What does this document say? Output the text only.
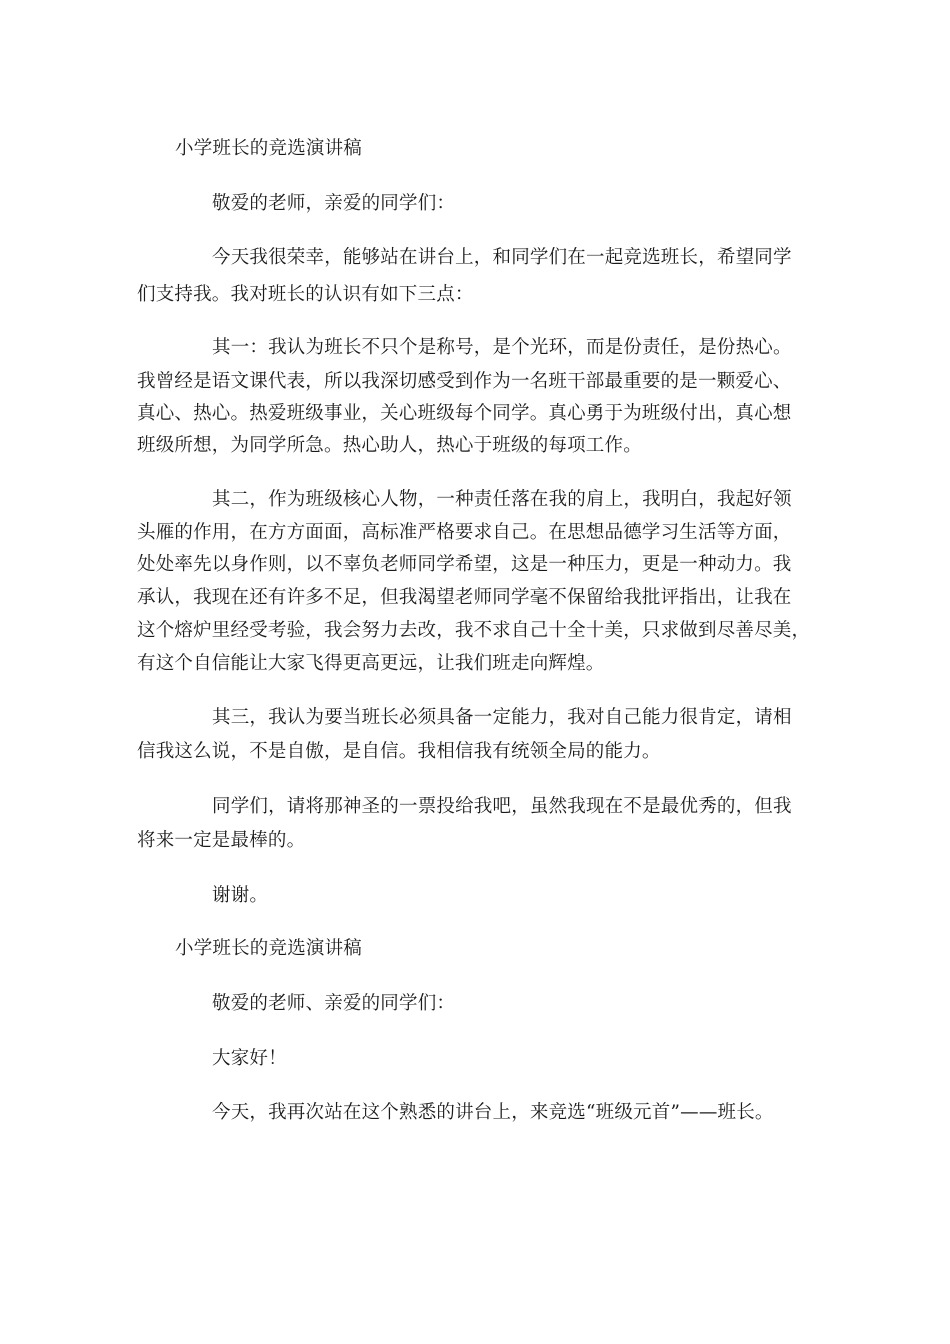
小学班长的竞选演讲稿
敬爱的老师，亲爱的同学们：
今天我很荣幸，能够站在讲台上，和同学们在一起竞选班长，希望同学
们支持我。我对班长的认识有如下三点：
其一：我认为班长不只个是称号，是个光环，而是份责任，是份热心。
我曾经是语文课代表，所以我深切感受到作为一名班干部最重要的是一颗爱心、
真心、热心。热爱班级事业，关心班级每个同学。真心勇于为班级付出，真心想
班级所想，为同学所急。热心助人，热心于班级的每项工作。
其二，作为班级核心人物，一种责任落在我的肩上，我明白，我起好领
头雁的作用，在方方面面，高标准严格要求自己。在思想品德学习生活等方面，
处处率先以身作则，以不辜负老师同学希望，这是一种压力，更是一种动力。我
承认，我现在还有许多不足，但我渴望老师同学毫不保留给我批评指出，让我在
这个熔炉里经受考验，我会努力去改，我不求自己十全十美，只求做到尽善尽美，
有这个自信能让大家飞得更高更远，让我们班走向辉煌。
其三，我认为要当班长必须具备一定能力，我对自己能力很肯定，请相
信我这么说，不是自傲，是自信。我相信我有统领全局的能力。
同学们，请将那神圣的一票投给我吧，虽然我现在不是最优秀的，但我
将来一定是最棒的。
谢谢。
小学班长的竞选演讲稿
敬爱的老师、亲爱的同学们：
大家好！
今天，我再次站在这个熟悉的讲台上，来竞选“班级元首”——班长。
